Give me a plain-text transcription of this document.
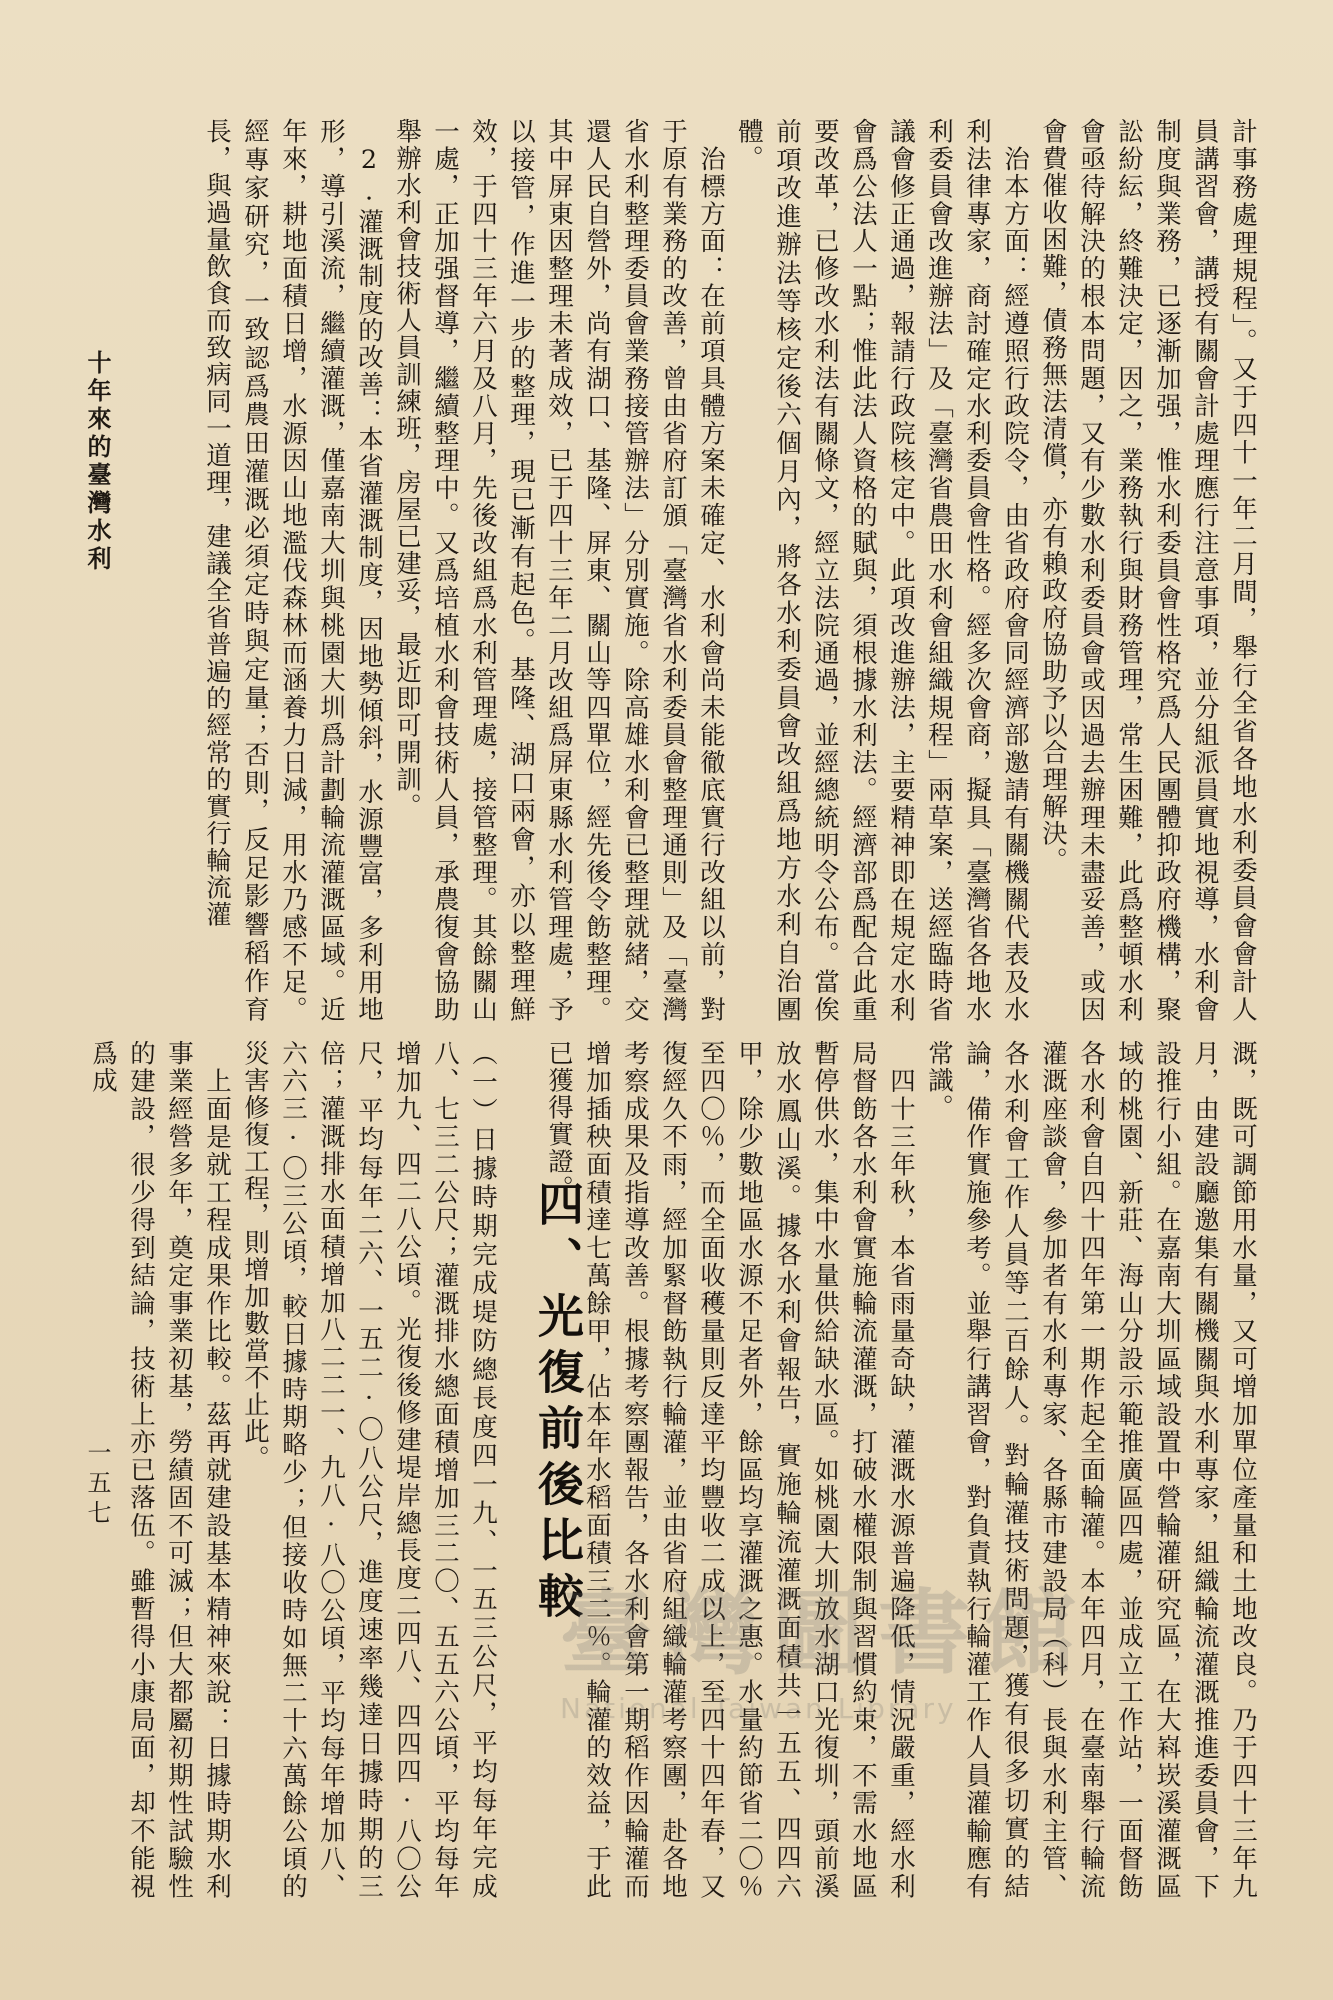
計事務處理規程」。又于四十一年二月間，舉行全省各地水利委員會會計人員講習會，講授有關會計處理應行注意事項，並分組派員實地視導，水利會制度與業務，已逐漸加强，惟水利委員會性格究爲人民團體抑政府機構，聚訟紛紜，終難決定，因之，業務執行與財務管理，常生困難，此爲整頓水利會亟待解決的根本問題，又有少數水利委員會或因過去辦理未盡妥善，或因會費催收困難，債務無法清償，亦有賴政府協助予以合理解決。
　治本方面：經遵照行政院令，由省政府會同經濟部邀請有關機關代表及水利法律專家，商討確定水利委員會性格。經多次會商，擬具「臺灣省各地水利委員會改進辦法」及「臺灣省農田水利會組織規程」兩草案，送經臨時省議會修正通過，報請行政院核定中。此項改進辦法，主要精神即在規定水利會爲公法人一點；惟此法人資格的賦與，須根據水利法。經濟部爲配合此重要改革，已修改水利法有關條文，經立法院通過，並經總統明令公布。當俟前項改進辦法等核定後六個月內，將各水利委員會改組爲地方水利自治團體。
　治標方面：在前項具體方案未確定、水利會尚未能徹底實行改組以前，對于原有業務的改善，曾由省府訂頒「臺灣省水利委員會整理通則」及「臺灣省水利整理委員會業務接管辦法」分別實施。除高雄水利會已整理就緒，交還人民自營外，尚有湖口、基隆、屏東、關山等四單位，經先後令飭整理。其中屏東因整理未著成效，已于四十三年二月改組爲屏東縣水利管理處，予以接管，作進一步的整理，現已漸有起色。基隆、湖口兩會，亦以整理鮮效，于四十三年六月及八月，先後改組爲水利管理處，接管整理。其餘關山一處，正加强督導，繼續整理中。又爲培植水利會技術人員，承農復會協助舉辦水利會技術人員訓練班，房屋已建妥，最近即可開訓。
　2.灌溉制度的改善：本省灌溉制度，因地勢傾斜，水源豐富，多利用地形，導引溪流，繼續灌溉，僅嘉南大圳與桃園大圳爲計劃輪流灌溉區域。近年來，耕地面積日增，水源因山地濫伐森林而涵養力日減，用水乃感不足。經專家研究，一致認爲農田灌溉必須定時與定量；否則，反足影響稻作育長，與過量飲食而致病同一道理，建議全省普遍的經常的實行輪流灌
溉，既可調節用水量，又可增加單位產量和土地改良。乃于四十三年九月，由建設廳邀集有關機關與水利專家，組織輪流灌溉推進委員會，下設推行小組。在嘉南大圳區域設置中營輪灌研究區，在大嵙崁溪灌溉區域的桃園、新莊、海山分設示範推廣區四處，並成立工作站，一面督飭各水利會自四十四年第一期作起全面輪灌。本年四月，在臺南舉行輪流灌溉座談會，參加者有水利專家、各縣市建設局（科）長與水利主管、各水利會工作人員等二百餘人。對輪灌技術問題，獲有很多切實的結論，備作實施參考。並舉行講習會，對負責執行輪灌工作人員灌輸應有常識。
　四十三年秋，本省雨量奇缺，灌溉水源普遍降低，情況嚴重，經水利局督飭各水利會實施輪流灌溉，打破水權限制與習慣約束，不需水地區暫停供水，集中水量供給缺水區。如桃園大圳放水湖口光復圳，頭前溪放水鳳山溪。據各水利會報告，實施輪流灌溉面積共一五五、四四六甲，除少數地區水源不足者外，餘區均享灌溉之惠。水量約節省二〇％至四〇％，而全面收穫量則反達平均豐收二成以上，至四十四年春，又復經久不雨，經加緊督飭執行輪灌，並由省府組織輪灌考察團，赴各地考察成果及指導改善。根據考察團報告，各水利會第一期稻作因輪灌而增加插秧面積達七萬餘甲，佔本年水稻面積三二％。輪灌的效益，于此已獲得實證。
四、光復前後比較
（一）日據時期完成堤防總長度四一九、一五三公尺，平均每年完成八、七三二公尺；灌溉排水總面積增加三二〇、五五六公頃，平均每年增加九、四二八公頃。光復後修建堤岸總長度二四八、四四四·八〇公尺，平均每年二六、一五二·〇八公尺，進度速率幾達日據時期的三倍；灌溉排水面積增加八二二一、九八·八〇公頃，平均每年增加八、六六三·〇三公頃，較日據時期略少；但接收時如無二十六萬餘公頃的災害修復工程，則增加數當不止此。
　上面是就工程成果作比較。茲再就建設基本精神來說：日據時期水利事業經營多年，奠定事業初基，勞績固不可滅；但大都屬初期性試驗性的建設，很少得到結論，技術上亦已落伍。雖暫得小康局面，却不能視爲成
十年來的臺灣水利
一五七
臺灣圖書館
National Taiwan Library
